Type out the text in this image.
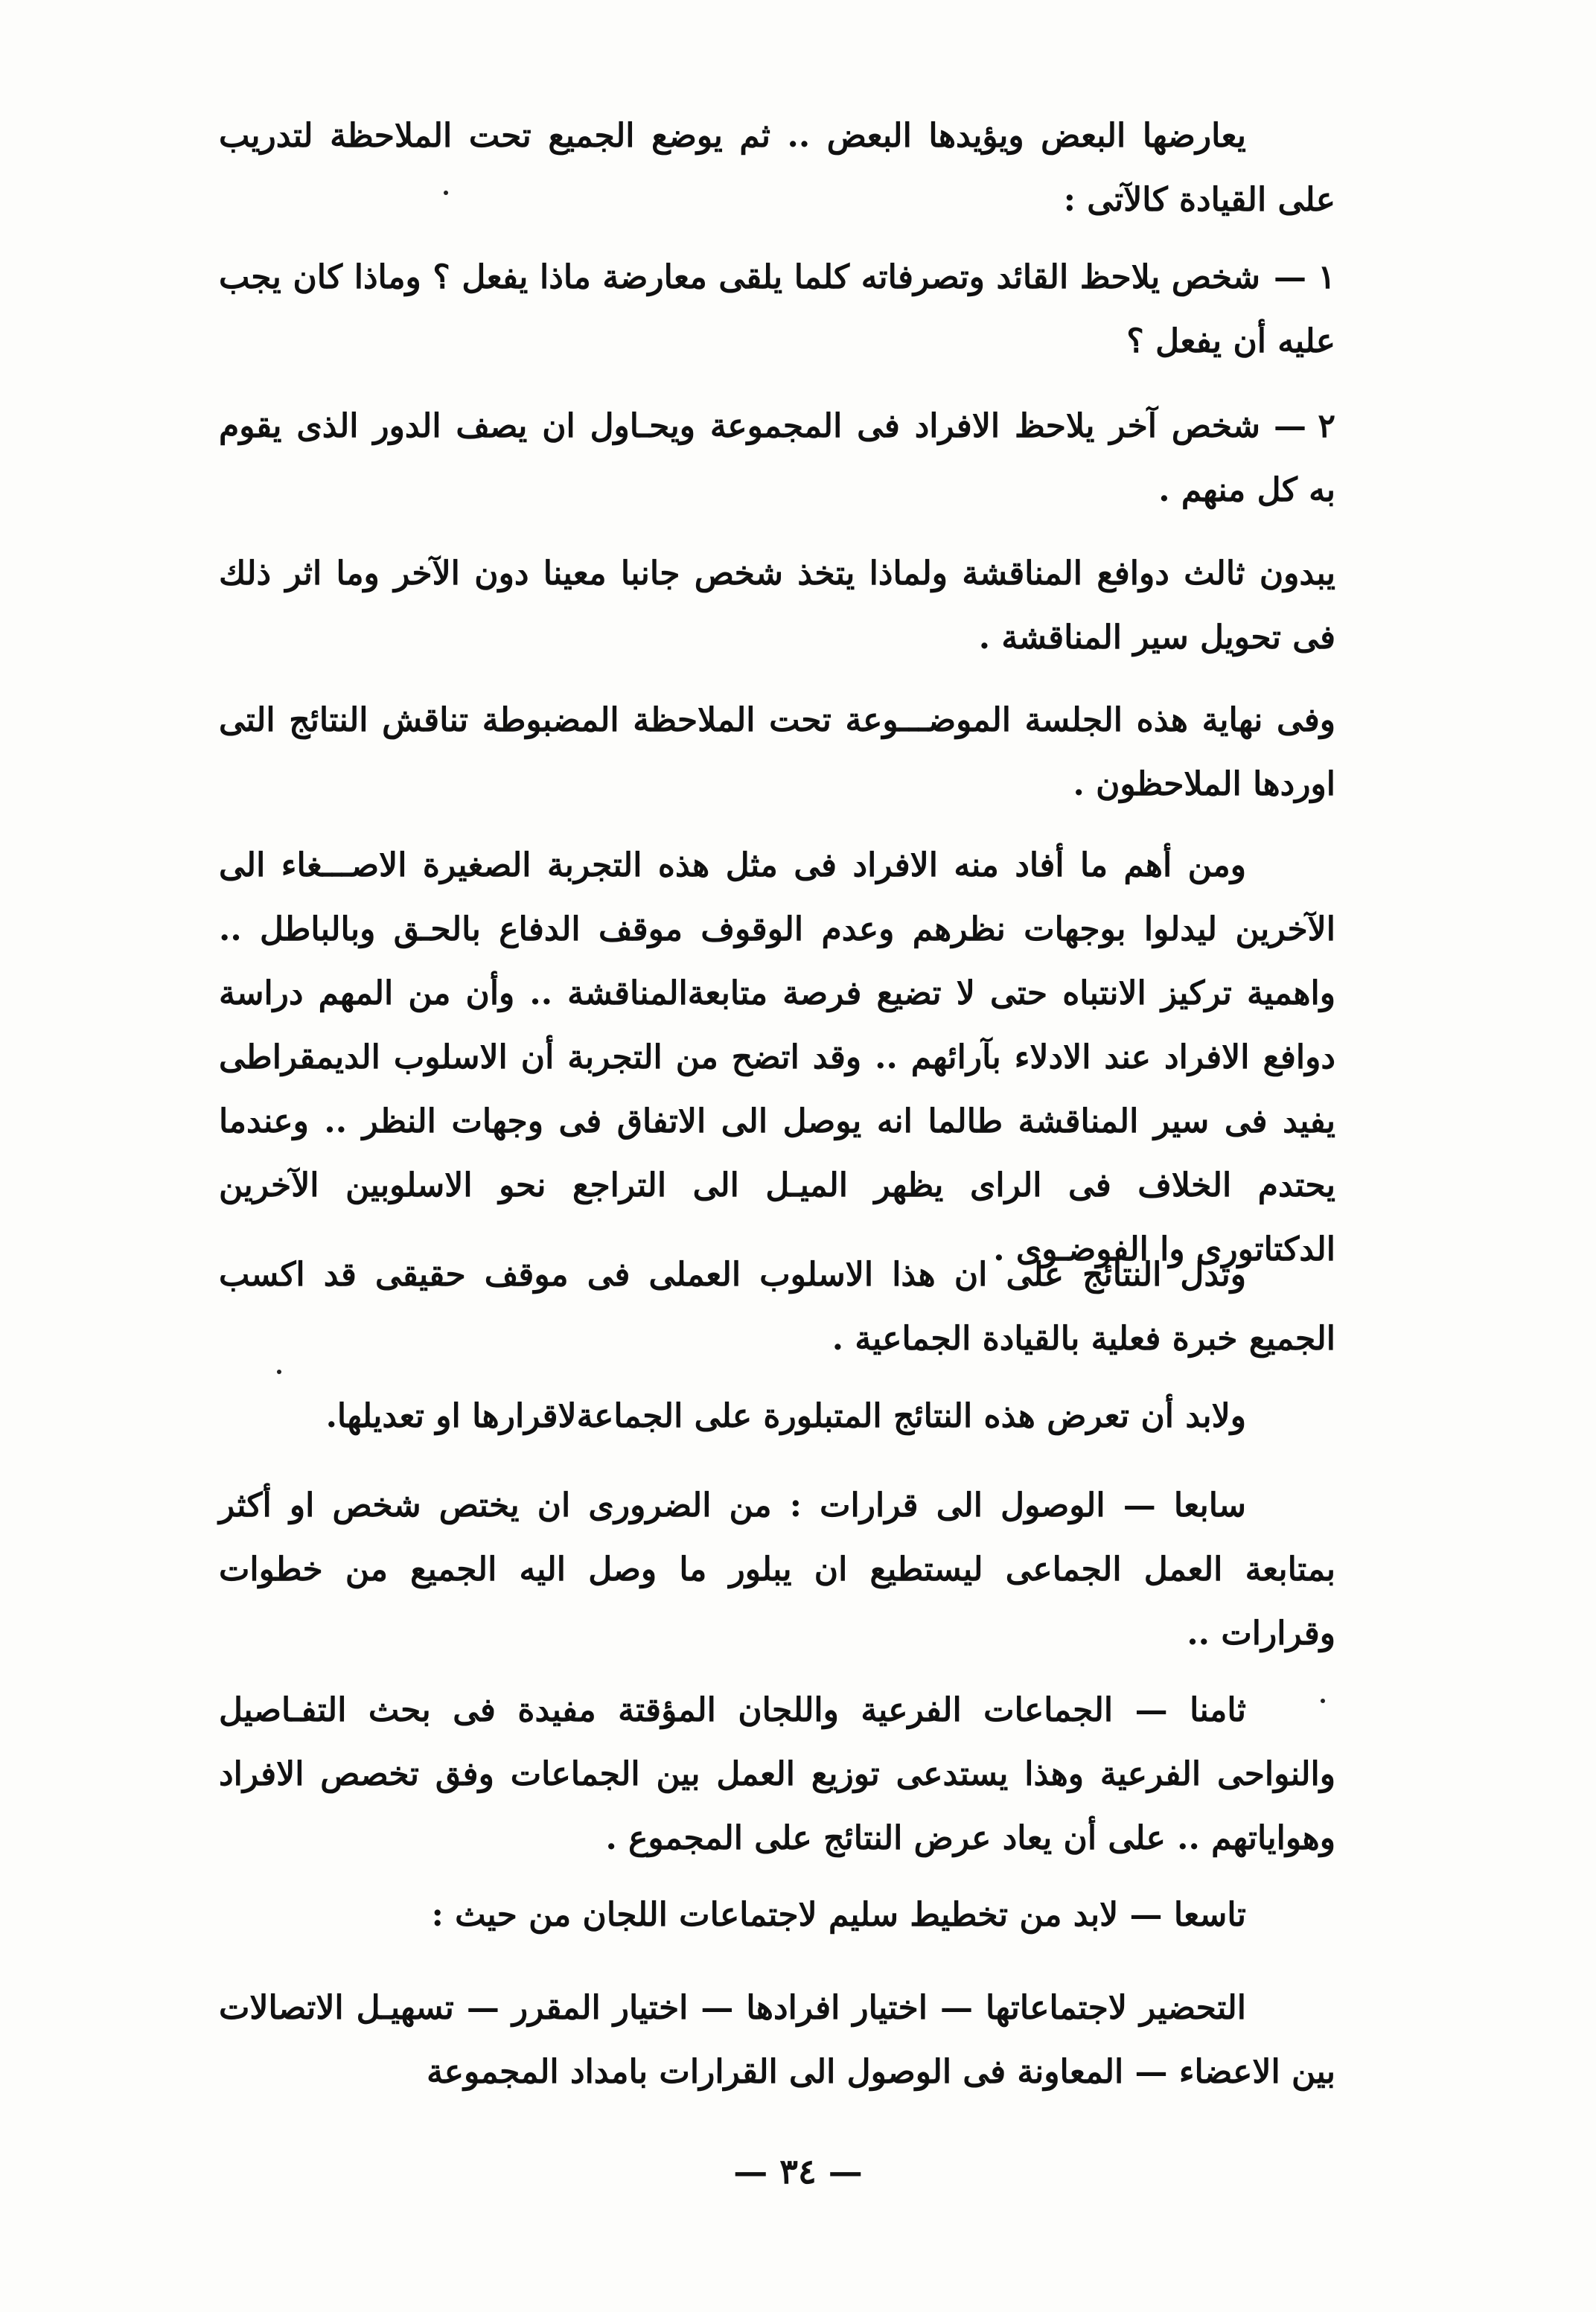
يعارضها البعض ويؤيدها البعض .. ثم يوضع الجميع تحت الملاحظة لتدريب على القيادة كالآتى :

١ —شخص يلاحظ القائد وتصرفاته كلما يلقى معارضة ماذا يفعل ؟ وماذا كان يجب عليه أن يفعل ؟

٢ —شخص آخر يلاحظ الافراد فى المجموعة ويحـاول ان يصف الدور الذى يقوم به كل منهم .

يبدون ثالث دوافع المناقشة ولماذا يتخذ شخص جانبا معينا دون الآخر وما اثر ذلك فى تحويل سير المناقشة .

وفى نهاية هذه الجلسة الموضـــوعة تحت الملاحظة المضبوطة تناقش النتائج التى اوردها الملاحظون .

ومن أهم ما أفاد منه الافراد فى مثل هذه التجربة الصغيرة الاصـــغاء الى الآخرين ليدلوا بوجهات نظرهم وعدم الوقوف موقف الدفاع بالحـق وبالباطل .. واهمية تركيز الانتباه حتى لا تضيع فرصة متابعةالمناقشة .. وأن من المهم دراسة دوافع الافراد عند الادلاء بآرائهم .. وقد اتضح من التجربة أن الاسلوب الديمقراطى يفيد فى سير المناقشة طالما انه يوصل الى الاتفاق فى وجهات النظر .. وعندما يحتدم الخلاف فى الراى يظهر الميـل الى التراجع نحو الاسلوبين الآخرين الدكتاتورى وا الفوضـوى .

وتدل النتائج على ان هذا الاسلوب العملى فى موقف حقيقى قد اكسب الجميع خبرة فعلية بالقيادة الجماعية .

ولابد أن تعرض هذه النتائج المتبلورة على الجماعةلاقرارها او تعديلها.

سابعا — الوصول الى قرارات : من الضرورى ان يختص شخص او أكثر بمتابعة العمل الجماعى ليستطيع ان يبلور ما وصل اليه الجميع من خطوات وقرارات ..

ثامنا — الجماعات الفرعية واللجان المؤقتة مفيدة فى بحث التفـاصيل والنواحى الفرعية وهذا يستدعى توزيع العمل بين الجماعات وفق تخصص الافراد وهواياتهم .. على أن يعاد عرض النتائج على المجموع .

تاسعا — لابد من تخطيط سليم لاجتماعات اللجان من حيث :

التحضير لاجتماعاتها — اختيار افرادها — اختيار المقرر — تسهيـل الاتصالات بين الاعضاء — المعاونة فى الوصول الى القرارات بامداد المجموعة

— ٣٤ —
